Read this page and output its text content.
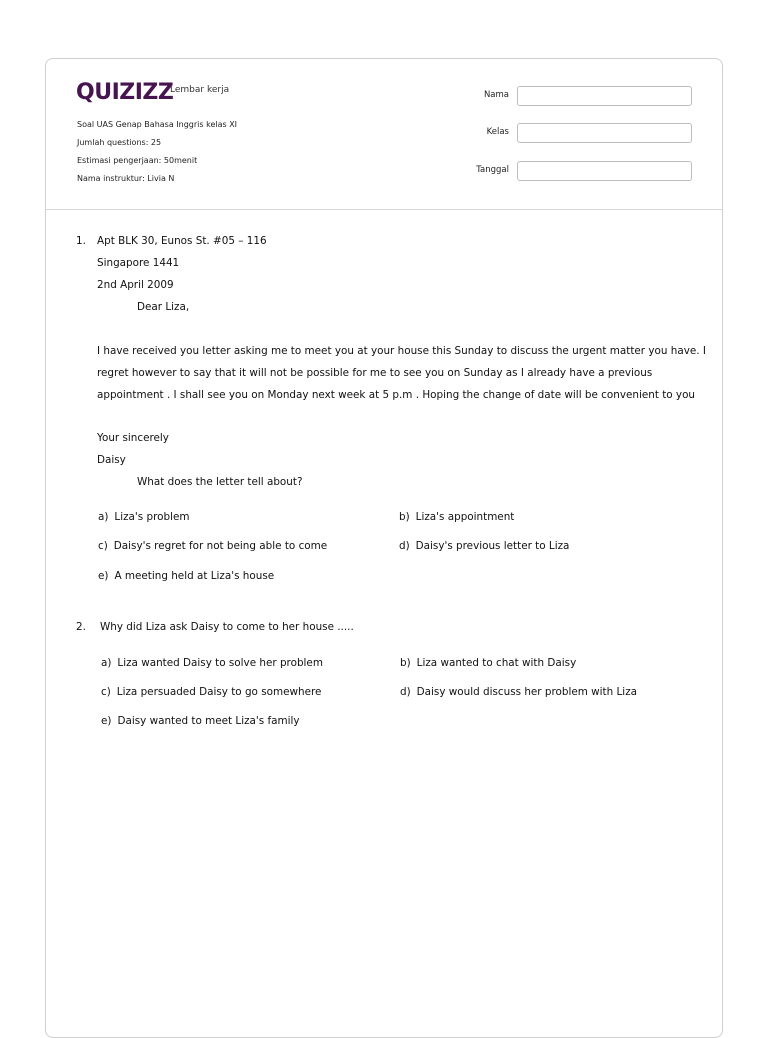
QUIZIZZ
Lembar kerja
Soal UAS Genap Bahasa Inggris kelas XI
Jumlah questions: 25
Estimasi pengerjaan: 50menit
Nama instruktur: Livia N
Nama
Kelas
Tanggal
1. Apt BLK 30, Eunos St. #05 – 116
Singapore 1441
2nd April 2009
Dear Liza,
I have received you letter asking me to meet you at your house this Sunday to discuss the urgent matter you have. I
regret however to say that it will not be possible for me to see you on Sunday as I already have a previous
appointment . I shall see you on Monday next week at 5 p.m . Hoping the change of date will be convenient to you
Your sincerely
Daisy
What does the letter tell about?
a) Liza's problem	b) Liza's appointment
c) Daisy's regret for not being able to come	d) Daisy's previous letter to Liza
e) A meeting held at Liza's house
2. Why did Liza ask Daisy to come to her house .....
a) Liza wanted Daisy to solve her problem	b) Liza wanted to chat with Daisy
c) Liza persuaded Daisy to go somewhere	d) Daisy would discuss her problem with Liza
e) Daisy wanted to meet Liza's family
